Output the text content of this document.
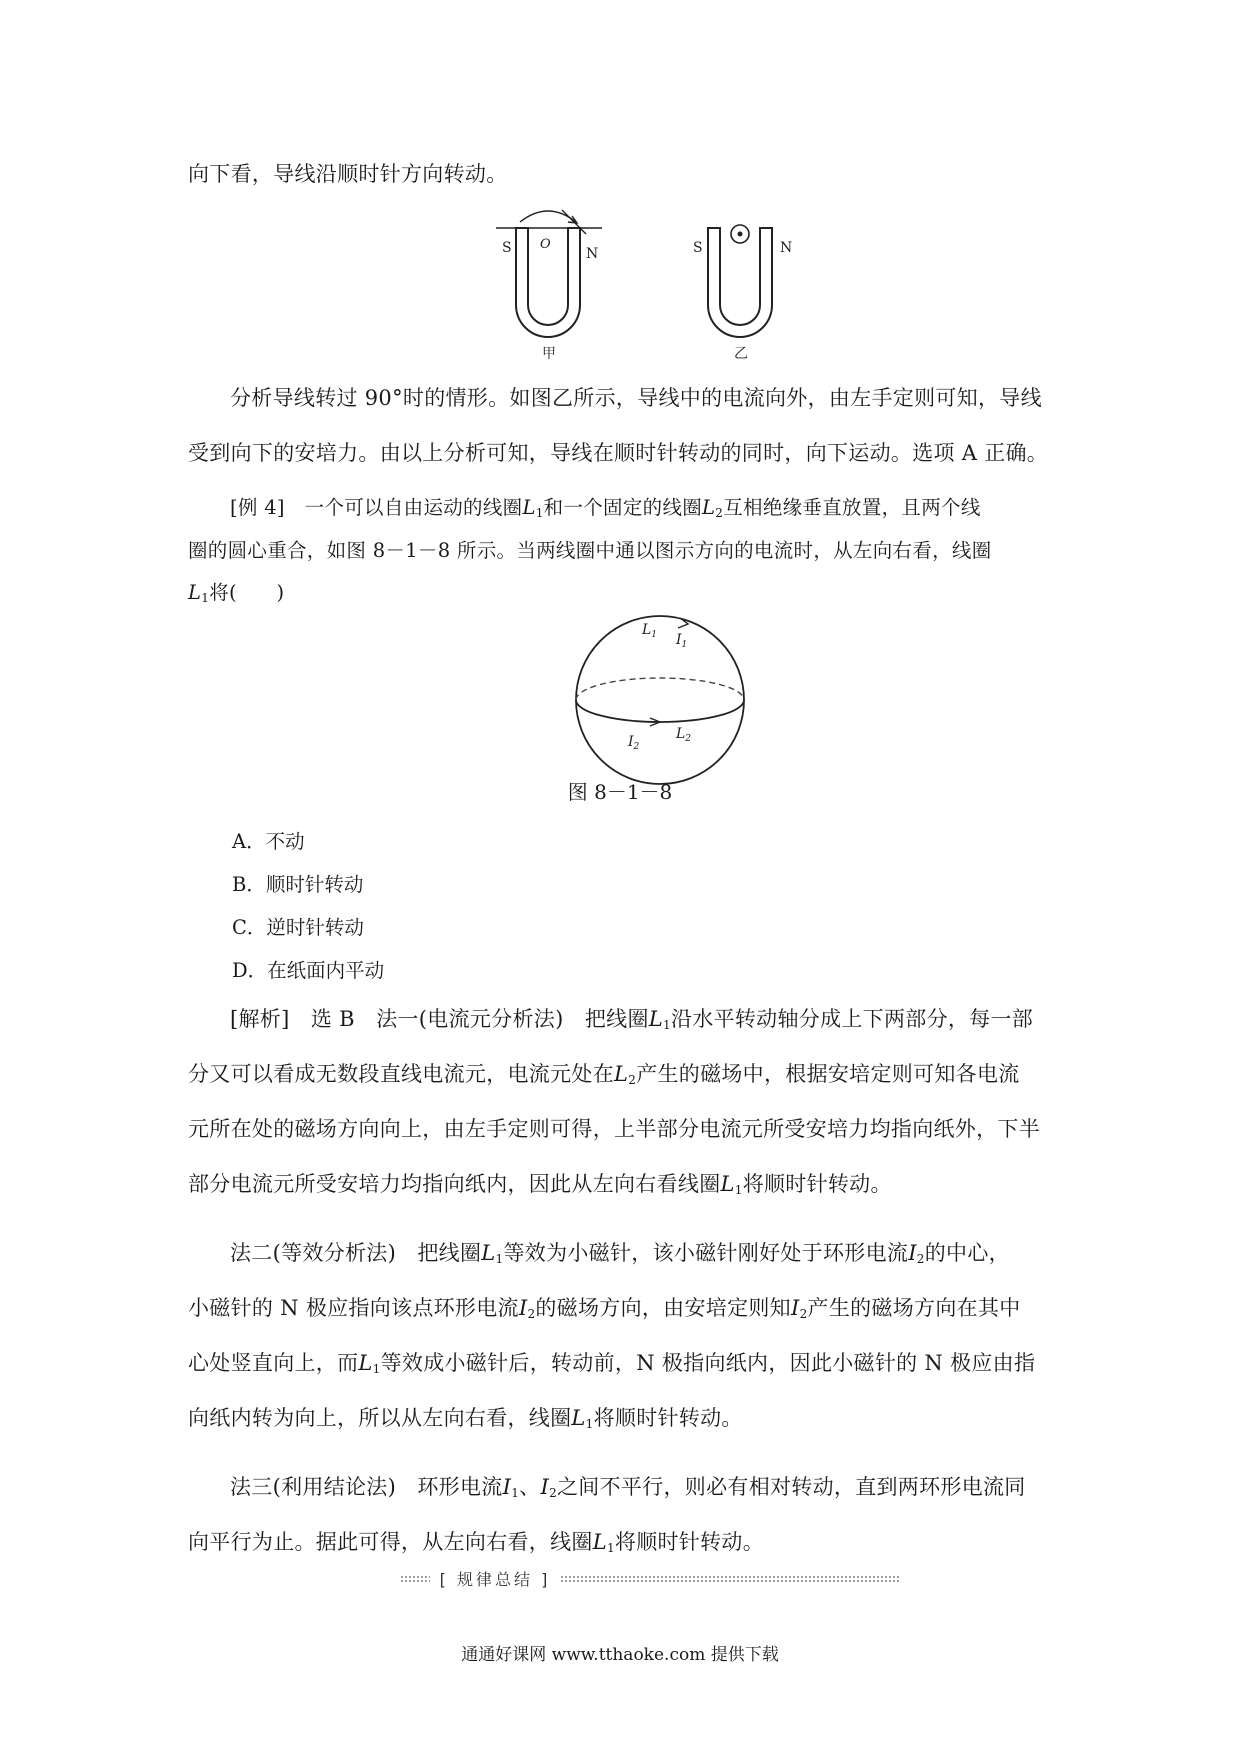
向下看，导线沿顺时针方向转动。
S O
N
甲
S	N
乙
分析导线转过 90°时的情形。如图乙所示，导线中的电流向外，由左手定则可知，导线
受到向下的安培力。由以上分析可知，导线在顺时针转动的同时，向下运动。选项 A 正确。
[例 4]　 一个可以自由运动的线圈$L_1$和一个固定的线圈$L_2$互相绝缘垂直放置，且两个线
圈的圆心重合，如图 8－1－8 所示。当两线圈中通以图示方向的电流时，从左向右看，线圈
$L_1$将(　　)
$L_1$ $I_1$
$I_2$
$L_2$
图 8－1－8
A．不动
B．顺时针转动
C．逆时针转动
D．在纸面内平动
[解析]　选 B　法一(电流元分析法)　把线圈$L_1$沿水平转动轴分成上下两部分，每一部
分又可以看成无数段直线电流元，电流元处在$L_2$产生的磁场中，根据安培定则可知各电流
元所在处的磁场方向向上，由左手定则可得，上半部分电流元所受安培力均指向纸外，下半
部分电流元所受安培力均指向纸内，因此从左向右看线圈$L_1$将顺时针转动。
法二(等效分析法)　把线圈$L_1$等效为小磁针，该小磁针刚好处于环形电流$I_2$的中心，
小磁针的 N 极应指向该点环形电流$I_2$的磁场方向，由安培定则知$I_2$产生的磁场方向在其中
心处竖直向上，而$L_1$等效成小磁针后，转动前，N 极指向纸内，因此小磁针的 N 极应由指
向纸内转为向上，所以从左向右看，线圈$L_1$将顺时针转动。
法三(利用结论法)　环形电流$I_1$、$I_2$之间不平行，则必有相对转动，直到两环形电流同
向平行为止。据此可得，从左向右看，线圈$L_1$将顺时针转动。
[ 规律总结 ]
通通好课网 www.tthaoke.com 提供下载
